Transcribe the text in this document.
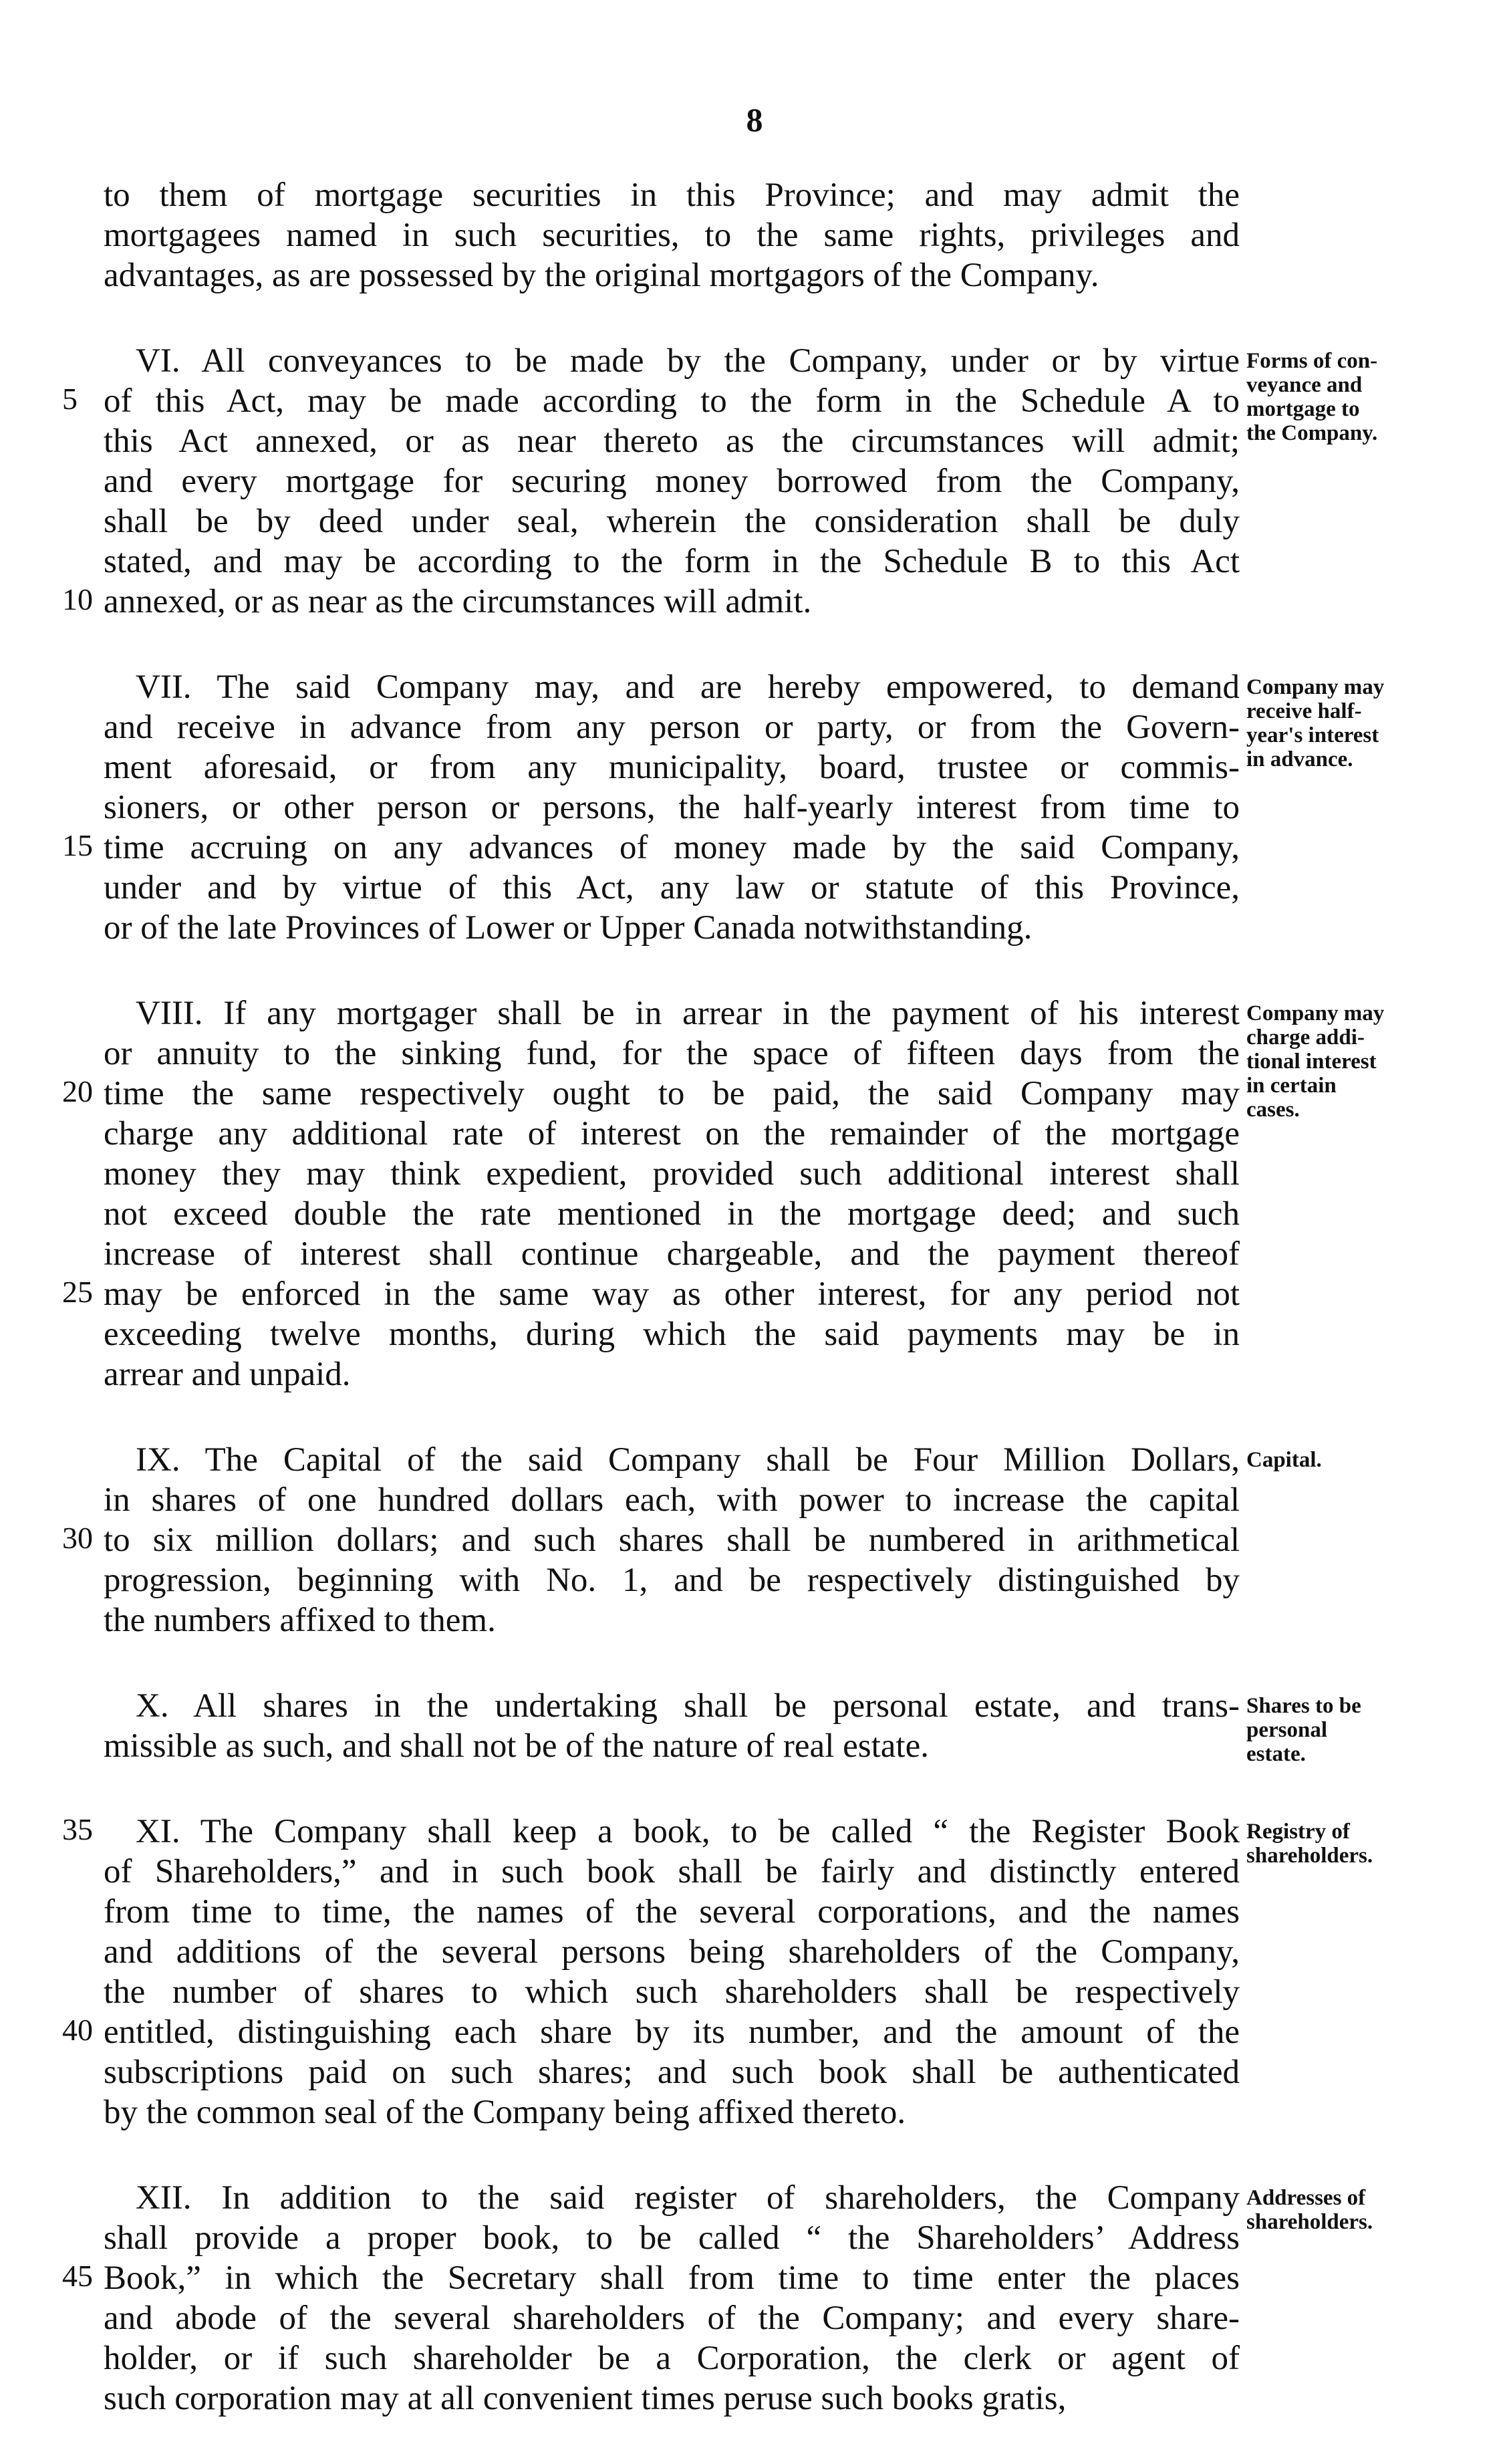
8
to them of mortgage securities in this Province; and may admit the
mortgagees named in such securities, to the same rights, privileges and
advantages, as are possessed by the original mortgagors of the Company.
VI. All conveyances to be made by the Company, under or by virtue
5 of this Act, may be made according to the form in the Schedule A to
this Act annexed, or as near thereto as the circumstances will admit;
and every mortgage for securing money borrowed from the Company,
shall be by deed under seal, wherein the consideration shall be duly
stated, and may be according to the form in the Schedule B to this Act
10 annexed, or as near as the circumstances will admit.
VII. The said Company may, and are hereby empowered, to demand
and receive in advance from any person or party, or from the Govern-
ment aforesaid, or from any municipality, board, trustee or commis-
sioners, or other person or persons, the half-yearly interest from time to
15 time accruing on any advances of money made by the said Company,
under and by virtue of this Act, any law or statute of this Province,
or of the late Provinces of Lower or Upper Canada notwithstanding.
VIII. If any mortgager shall be in arrear in the payment of his interest
or annuity to the sinking fund, for the space of fifteen days from the
20 time the same respectively ought to be paid, the said Company may
charge any additional rate of interest on the remainder of the mortgage
money they may think expedient, provided such additional interest shall
not exceed double the rate mentioned in the mortgage deed; and such
increase of interest shall continue chargeable, and the payment thereof
25 may be enforced in the same way as other interest, for any period not
exceeding twelve months, during which the said payments may be in
arrear and unpaid.
IX. The Capital of the said Company shall be Four Million Dollars,
in shares of one hundred dollars each, with power to increase the capital
30 to six million dollars; and such shares shall be numbered in arithmetical
progression, beginning with No. 1, and be respectively distinguished by
the numbers affixed to them.
X. All shares in the undertaking shall be personal estate, and trans-
missible as such, and shall not be of the nature of real estate.
35	XI. The Company shall keep a book, to be called “ the Register Book
of Shareholders,” and in such book shall be fairly and distinctly entered
from time to time, the names of the several corporations, and the names
and additions of the several persons being shareholders of the Company,
the number of shares to which such shareholders shall be respectively
40 entitled, distinguishing each share by its number, and the amount of the
subscriptions paid on such shares; and such book shall be authenticated
by the common seal of the Company being affixed thereto.
XII. In addition to the said register of shareholders, the Company
shall provide a proper book, to be called “ the Shareholders’ Address
45 Book,” in which the Secretary shall from time to time enter the places
and abode of the several shareholders of the Company; and every share-
holder, or if such shareholder be a Corporation, the clerk or agent of
such corporation may at all convenient times peruse such books gratis,
Forms of con-
veyance and
mortgage to
the Company.
Company may
receive half-
year's interest
in advance.
Company may
charge addi-
tional interest
in certain
cases.
Capital.
Shares to be
personal
estate.
Registry of
shareholders.
Addresses of
shareholders.
